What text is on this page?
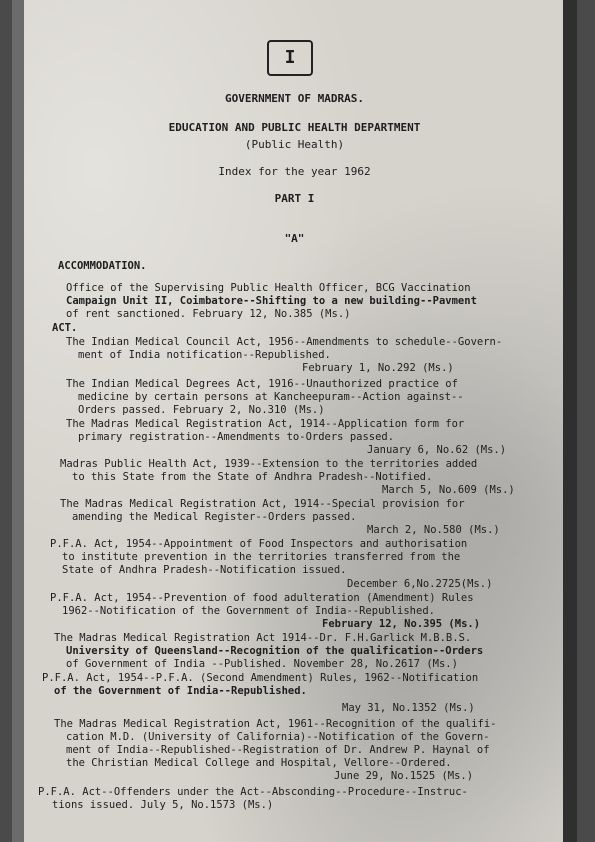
I
GOVERNMENT OF MADRAS.
EDUCATION AND PUBLIC HEALTH DEPARTMENT
(Public Health)
Index for the year 1962
PART I
"A"
ACCOMMODATION.
Office of the Supervising Public Health Officer, BCG Vaccination
Campaign Unit II, Coimbatore--Shifting to a new building--Pavment
of rent sanctioned. February 12, No.385 (Ms.)
ACT.
The Indian Medical Council Act, 1956--Amendments to schedule--Govern-
ment of India notification--Republished.
February 1, No.292 (Ms.)
The Indian Medical Degrees Act, 1916--Unauthorized practice of
medicine by certain persons at Kancheepuram--Action against--
Orders passed. February 2, No.310 (Ms.)
The Madras Medical Registration Act, 1914--Application form for
primary registration--Amendments to-Orders passed.
January 6, No.62 (Ms.)
Madras Public Health Act, 1939--Extension to the territories added
to this State from the State of Andhra Pradesh--Notified.
March 5, No.609 (Ms.)
The Madras Medical Registration Act, 1914--Special provision for
amending the Medical Register--Orders passed.
March 2, No.580 (Ms.)
P.F.A. Act, 1954--Appointment of Food Inspectors and authorisation
to institute prevention in the territories transferred from the
State of Andhra Pradesh--Notification issued.
December 6,No.2725(Ms.)
P.F.A. Act, 1954--Prevention of food adulteration (Amendment) Rules
1962--Notification of the Government of India--Republished.
February 12, No.395 (Ms.)
The Madras Medical Registration Act 1914--Dr. F.H.Garlick M.B.B.S.
University of Queensland--Recognition of the qualification--Orders
of Government of India --Published. November 28, No.2617 (Ms.)
P.F.A. Act, 1954--P.F.A. (Second Amendment) Rules, 1962--Notification
of the Government of India--Republished.
May 31, No.1352 (Ms.)
The Madras Medical Registration Act, 1961--Recognition of the qualifi-
cation M.D. (University of California)--Notification of the Govern-
ment of India--Republished--Registration of Dr. Andrew P. Haynal of
the Christian Medical College and Hospital, Vellore--Ordered.
June 29, No.1525 (Ms.)
P.F.A. Act--Offenders under the Act--Absconding--Procedure--Instruc-
tions issued. July 5, No.1573 (Ms.)
